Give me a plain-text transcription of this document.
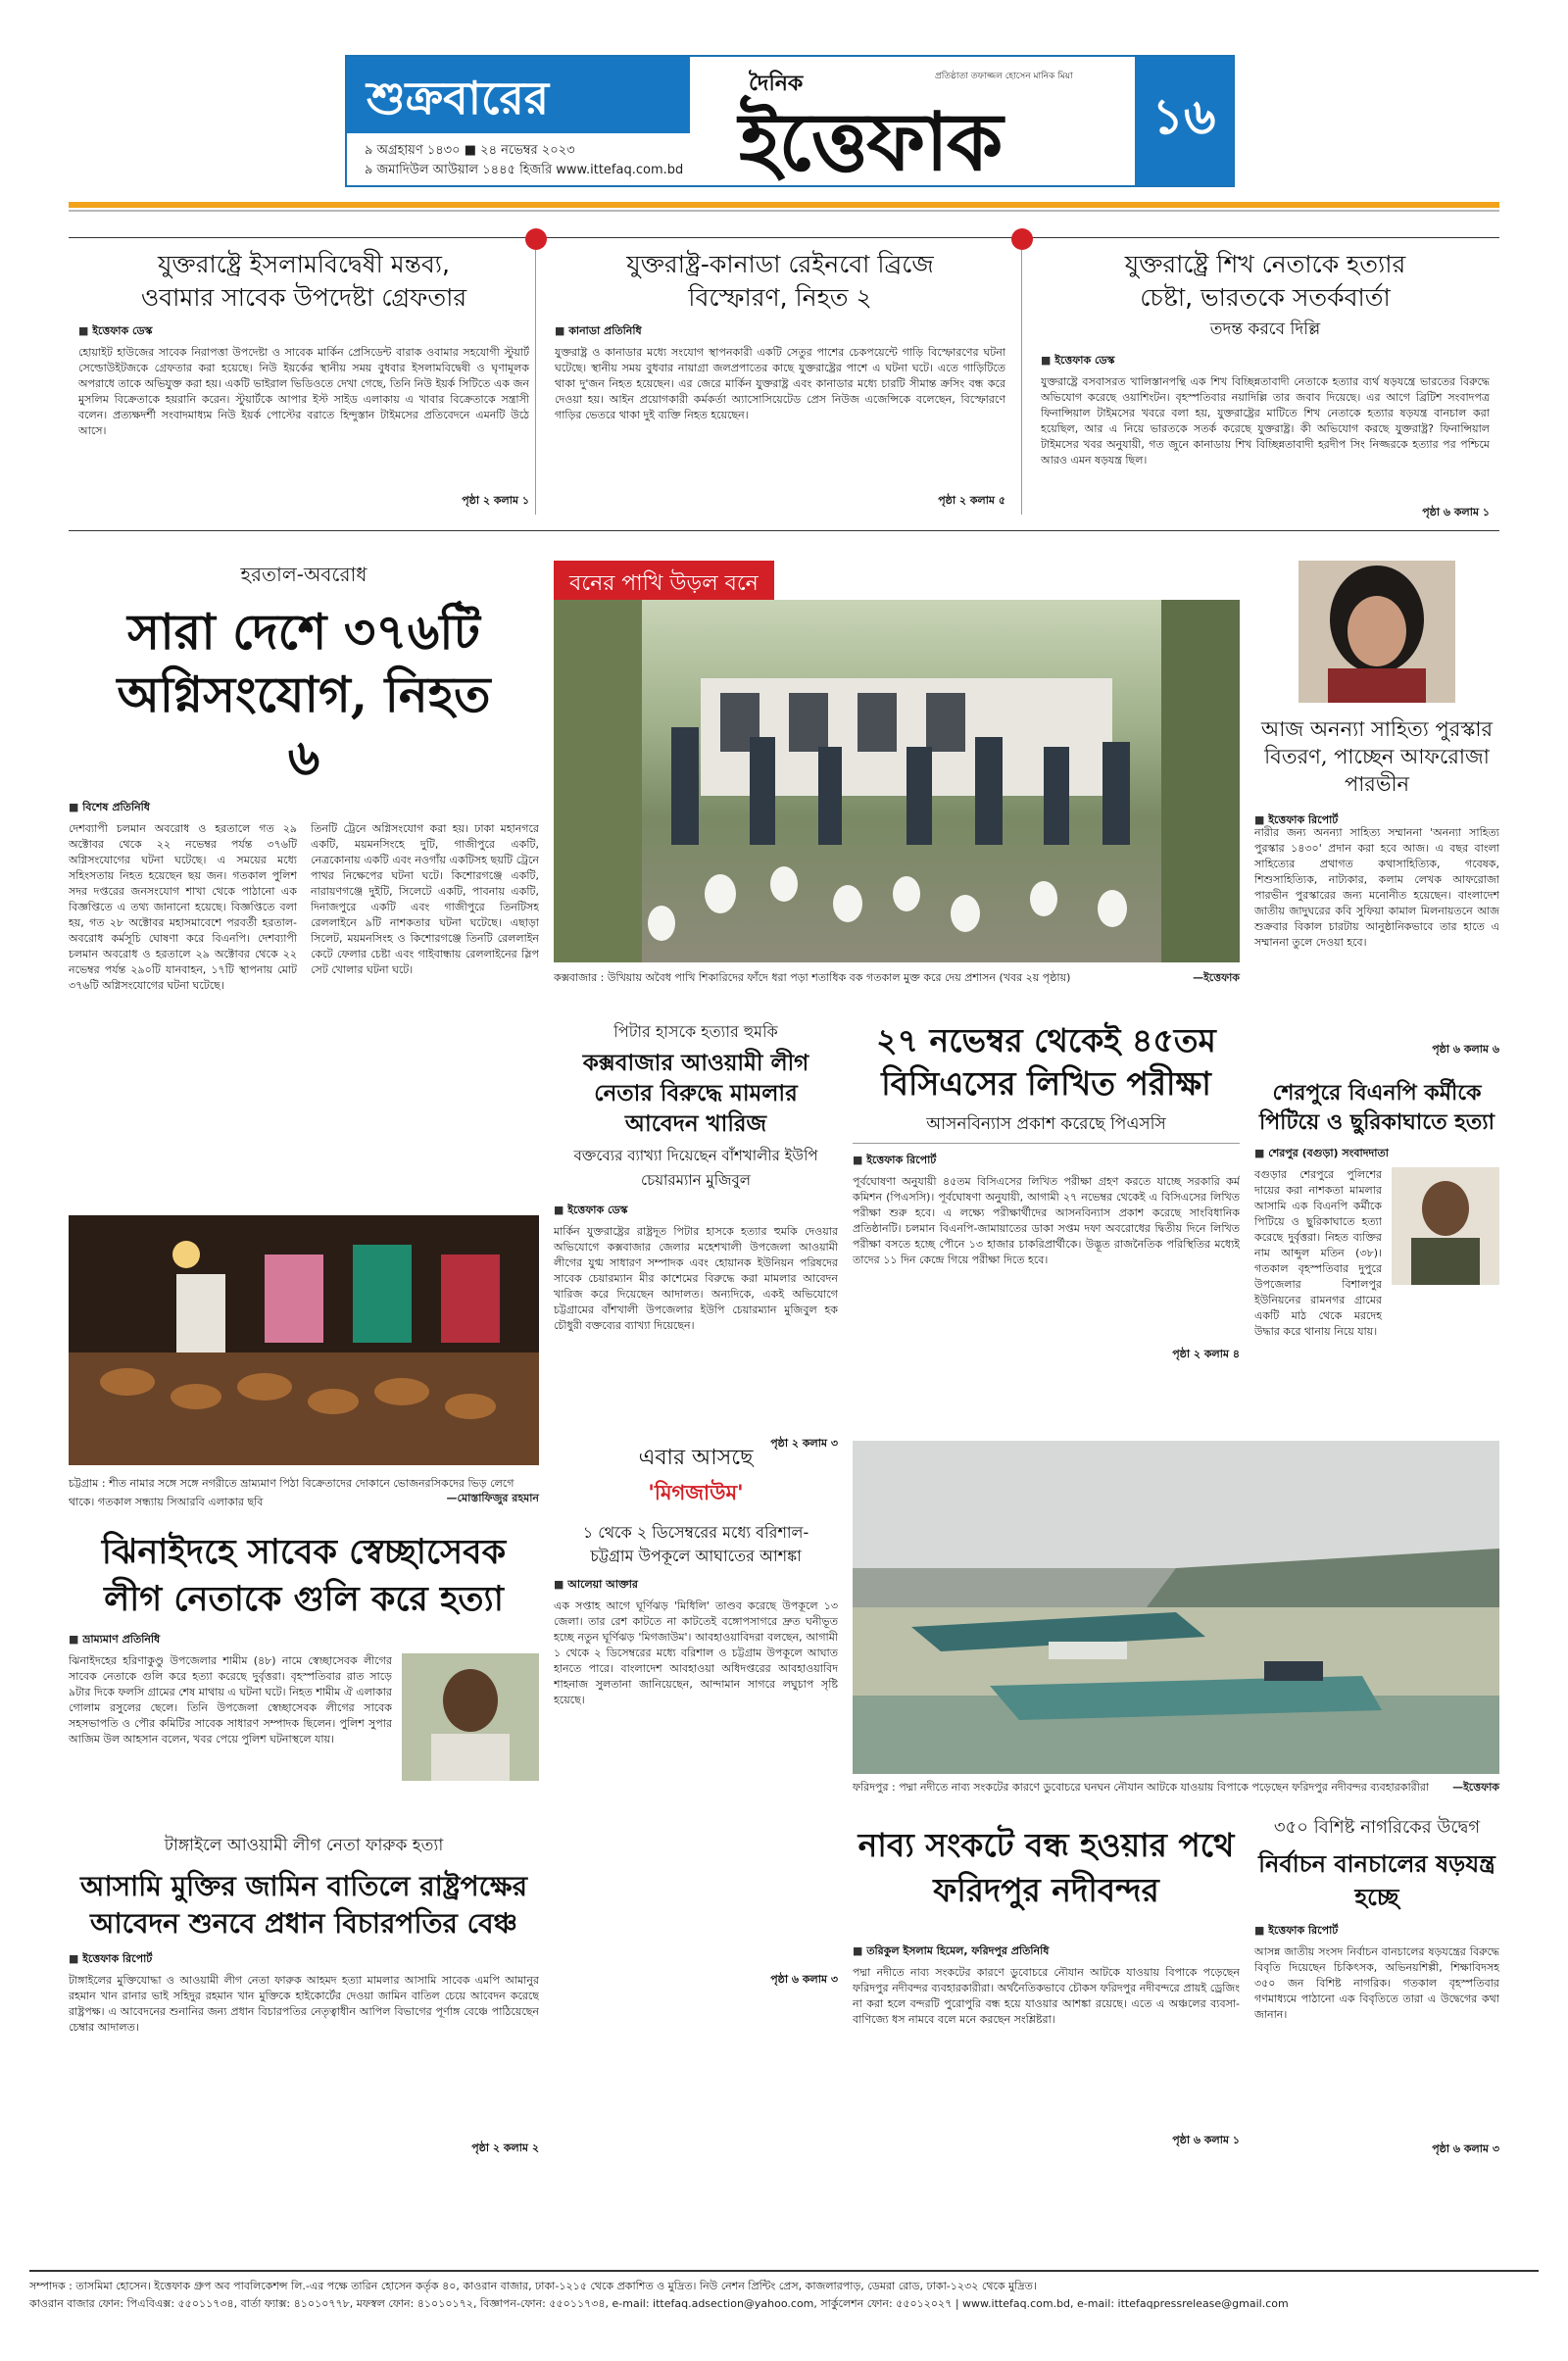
শুক্রবারের
৯ অগ্রহায়ণ ১৪৩০ ■ ২৪ নভেম্বর ২০২৩
৯ জমাদিউল আউয়াল ১৪৪৫ হিজরি www.ittefaq.com.bd
দৈনিক
ইত্তেফাক
প্রতিষ্ঠাতা তফাজ্জল হোসেন মানিক মিয়া
১৬
যুক্তরাষ্ট্রে ইসলামবিদ্বেষী মন্তব্য, ওবামার সাবেক উপদেষ্টা গ্রেফতার
■ ইত্তেফাক ডেস্ক
হোয়াইট হাউজের সাবেক নিরাপত্তা উপদেষ্টা ও সাবেক মার্কিন প্রেসিডেন্ট বারাক ওবামার সহযোগী স্টুয়ার্ট সেল্ডোউইটজকে গ্রেফতার করা হয়েছে। নিউ ইয়র্কের স্থানীয় সময় বুধবার ইসলামবিদ্বেষী ও ঘৃণামূলক অপরাধে তাকে অভিযুক্ত করা হয়। একটি ভাইরাল ভিডিওতে দেখা গেছে, তিনি নিউ ইয়র্ক সিটিতে এক জন মুসলিম বিক্রেতাকে হয়রানি করেন। স্টুয়ার্টকে আপার ইস্ট সাইড এলাকায় এ খাবার বিক্রেতাকে সন্ত্রাসী বলেন। প্রত্যক্ষদর্শী সংবাদমাধ্যম নিউ ইয়র্ক পোস্টের বরাতে হিন্দুস্তান টাইমসের প্রতিবেদনে এমনটি উঠে আসে।
পৃষ্ঠা ২ কলাম ১
যুক্তরাষ্ট্র-কানাডা রেইনবো ব্রিজে বিস্ফোরণ, নিহত ২
■ কানাডা প্রতিনিধি
যুক্তরাষ্ট্র ও কানাডার মধ্যে সংযোগ স্থাপনকারী একটি সেতুর পাশের চেকপয়েন্টে গাড়ি বিস্ফোরণের ঘটনা ঘটেছে। স্থানীয় সময় বুধবার নায়াগ্রা জলপ্রপাতের কাছে যুক্তরাষ্ট্রের পাশে এ ঘটনা ঘটে। এতে গাড়িটিতে থাকা দু'জন নিহত হয়েছেন। এর জেরে মার্কিন যুক্তরাষ্ট্র এবং কানাডার মধ্যে চারটি সীমান্ত ক্রসিং বন্ধ করে দেওয়া হয়। আইন প্রয়োগকারী কর্মকর্তা অ্যাসোসিয়েটেড প্রেস নিউজ এজেন্সিকে বলেছেন, বিস্ফোরণে গাড়ির ভেতরে থাকা দুই ব্যক্তি নিহত হয়েছেন।
পৃষ্ঠা ২ কলাম ৫
যুক্তরাষ্ট্রে শিখ নেতাকে হত্যার চেষ্টা, ভারতকে সতর্কবার্তা
তদন্ত করবে দিল্লি
■ ইত্তেফাক ডেস্ক
যুক্তরাষ্ট্রে বসবাসরত খালিস্তানপন্থি এক শিখ বিচ্ছিন্নতাবাদী নেতাকে হত্যার ব্যর্থ ষড়যন্ত্রে ভারতের বিরুদ্ধে অভিযোগ করেছে ওয়াশিংটন। বৃহস্পতিবার নয়াদিল্লি তার জবাব দিয়েছে। এর আগে ব্রিটিশ সংবাদপত্র ফিনান্সিয়াল টাইমসের খবরে বলা হয়, যুক্তরাষ্ট্রের মাটিতে শিখ নেতাকে হত্যার ষড়যন্ত্র বানচাল করা হয়েছিল, আর এ নিয়ে ভারতকে সতর্ক করেছে যুক্তরাষ্ট্র। কী অভিযোগ করছে যুক্তরাষ্ট্র? ফিনান্সিয়াল টাইমসের খবর অনুযায়ী, গত জুনে কানাডায় শিখ বিচ্ছিন্নতাবাদী হরদীপ সিং নিজ্জরকে হত্যার পর পশ্চিমে আরও এমন ষড়যন্ত্র ছিল।
পৃষ্ঠা ৬ কলাম ১
হরতাল-অবরোধ
সারা দেশে ৩৭৬টি অগ্নিসংযোগ, নিহত ৬
■ বিশেষ প্রতিনিধি
দেশব্যাপী চলমান অবরোধ ও হরতালে গত ২৯ অক্টোবর থেকে ২২ নভেম্বর পর্যন্ত ৩৭৬টি অগ্নিসংযোগের ঘটনা ঘটেছে। এ সময়ের মধ্যে সহিংসতায় নিহত হয়েছেন ছয় জন। গতকাল পুলিশ সদর দপ্তরের জনসংযোগ শাখা থেকে পাঠানো এক বিজ্ঞপ্তিতে এ তথ্য জানানো হয়েছে। বিজ্ঞপ্তিতে বলা হয়, গত ২৮ অক্টোবর মহাসমাবেশে পরবর্তী হরতাল-অবরোধ কর্মসূচি ঘোষণা করে বিএনপি। দেশব্যাপী চলমান অবরোধ ও হরতালে ২৯ অক্টোবর থেকে ২২ নভেম্বর পর্যন্ত ২৯০টি যানবাহন, ১৭টি স্থাপনায় মোট ৩৭৬টি অগ্নিসংযোগের ঘটনা ঘটেছে।
তিনটি ট্রেনে অগ্নিসংযোগ করা হয়। ঢাকা মহানগরে একটি, ময়মনসিংহে দুটি, গাজীপুরে একটি, নেত্রকোনায় একটি এবং নওগাঁয় একটিসহ ছয়টি ট্রেনে পাথর নিক্ষেপের ঘটনা ঘটে। কিশোরগঞ্জে একটি, নারায়ণগঞ্জে দুইটি, সিলেটে একটি, পাবনায় একটি, দিনাজপুরে একটি এবং গাজীপুরে তিনটিসহ রেললাইনে ৯টি নাশকতার ঘটনা ঘটেছে। এছাড়া সিলেট, ময়মনসিংহ ও কিশোরগঞ্জে তিনটি রেললাইন কেটে ফেলার চেষ্টা এবং গাইবান্ধায় রেললাইনের স্লিপ সেট খোলার ঘটনা ঘটে।
বনের পাখি উড়ল বনে
কক্সবাজার : উখিয়ায় অবৈধ পাখি শিকারিদের ফাঁদে ধরা পড়া শতাধিক বক গতকাল মুক্ত করে দেয় প্রশাসন (খবর ২য় পৃষ্ঠায়)	—ইত্তেফাক
আজ অনন্যা সাহিত্য পুরস্কার বিতরণ, পাচ্ছেন আফরোজা পারভীন
■ ইত্তেফাক রিপোর্ট
নারীর জন্য অনন্যা সাহিত্য সম্মাননা 'অনন্যা সাহিত্য পুরস্কার ১৪৩০' প্রদান করা হবে আজ। এ বছর বাংলা সাহিত্যের প্রথাগত কথাসাহিত্যিক, গবেষক, শিশুসাহিত্যিক, নাট্যকার, কলাম লেখক আফরোজা পারভীন পুরস্কারের জন্য মনোনীত হয়েছেন। বাংলাদেশ জাতীয় জাদুঘরের কবি সুফিয়া কামাল মিলনায়তনে আজ শুক্রবার বিকাল চারটায় আনুষ্ঠানিকভাবে তার হাতে এ সম্মাননা তুলে দেওয়া হবে।
পৃষ্ঠা ৬ কলাম ৬
২৭ নভেম্বর থেকেই ৪৫তম বিসিএসের লিখিত পরীক্ষা
আসনবিন্যাস প্রকাশ করেছে পিএসসি
■ ইত্তেফাক রিপোর্ট
পূর্বঘোষণা অনুযায়ী ৪৫তম বিসিএসের লিখিত পরীক্ষা গ্রহণ করতে যাচ্ছে সরকারি কর্ম কমিশন (পিএসসি)। পূর্বঘোষণা অনুযায়ী, আগামী ২৭ নভেম্বর থেকেই এ বিসিএসের লিখিত পরীক্ষা শুরু হবে। এ লক্ষ্যে পরীক্ষার্থীদের আসনবিন্যাস প্রকাশ করেছে সাংবিধানিক প্রতিষ্ঠানটি। চলমান বিএনপি-জামায়াতের ডাকা সপ্তম দফা অবরোধের দ্বিতীয় দিনে লিখিত পরীক্ষা বসতে হচ্ছে পৌনে ১৩ হাজার চাকরিপ্রার্থীকে। উদ্ভূত রাজনৈতিক পরিস্থিতির মধ্যেই তাদের ১১ দিন কেন্দ্রে গিয়ে পরীক্ষা দিতে হবে।
পৃষ্ঠা ২ কলাম ৪
পিটার হাসকে হত্যার হুমকি
কক্সবাজার আওয়ামী লীগ নেতার বিরুদ্ধে মামলার আবেদন খারিজ
বক্তব্যের ব্যাখ্যা দিয়েছেন বাঁশখালীর ইউপি চেয়ারম্যান মুজিবুল
■ ইত্তেফাক ডেস্ক
মার্কিন যুক্তরাষ্ট্রের রাষ্ট্রদূত পিটার হাসকে হত্যার হুমকি দেওয়ার অভিযোগে কক্সবাজার জেলার মহেশখালী উপজেলা আওয়ামী লীগের যুগ্ম সাধারণ সম্পাদক এবং হোয়ানক ইউনিয়ন পরিষদের সাবেক চেয়ারম্যান মীর কাশেমের বিরুদ্ধে করা মামলার আবেদন খারিজ করে দিয়েছেন আদালত। অন্যদিকে, একই অভিযোগে চট্টগ্রামের বাঁশখালী উপজেলার ইউপি চেয়ারম্যান মুজিবুল হক চৌধুরী বক্তব্যের ব্যাখ্যা দিয়েছেন।
পৃষ্ঠা ২ কলাম ৩
শেরপুরে বিএনপি কর্মীকে পিটিয়ে ও ছুরিকাঘাতে হত্যা
■ শেরপুর (বগুড়া) সংবাদদাতা
বগুড়ার শেরপুরে পুলিশের দায়ের করা নাশকতা মামলার আসামি এক বিএনপি কর্মীকে পিটিয়ে ও ছুরিকাঘাতে হত্যা করেছে দুর্বৃত্তরা। নিহত ব্যক্তির নাম আব্দুল মতিন (৩৮)। গতকাল বৃহস্পতিবার দুপুরে উপজেলার বিশালপুর ইউনিয়নের রামনগর গ্রামের একটি মাঠ থেকে মরদেহ উদ্ধার করে থানায় নিয়ে যায়।
চট্টগ্রাম : শীত নামার সঙ্গে সঙ্গে নগরীতে ভ্রাম্যমাণ পিঠা বিক্রেতাদের দোকানে ভোজনরসিকদের ভিড় লেগে থাকে। গতকাল সন্ধ্যায় সিআরবি এলাকার ছবি	—মোস্তাফিজুর রহমান
এবার আসছে
'মিগজাউম'
১ থেকে ২ ডিসেম্বরের মধ্যে বরিশাল-চট্টগ্রাম উপকূলে আঘাতের আশঙ্কা
■ আলেয়া আক্তার
এক সপ্তাহ আগে ঘূর্ণিঝড় 'মিধিলি' তাণ্ডব করেছে উপকূলে ১৩ জেলা। তার রেশ কাটতে না কাটতেই বঙ্গোপসাগরে দ্রুত ঘনীভূত হচ্ছে নতুন ঘূর্ণিঝড় 'মিগজাউম'। আবহাওয়াবিদরা বলছেন, আগামী ১ থেকে ২ ডিসেম্বরের মধ্যে বরিশাল ও চট্টগ্রাম উপকূলে আঘাত হানতে পারে। বাংলাদেশ আবহাওয়া অধিদপ্তরের আবহাওয়াবিদ শাহনাজ সুলতানা জানিয়েছেন, আন্দামান সাগরে লঘুচাপ সৃষ্টি হয়েছে।
পৃষ্ঠা ৬ কলাম ৩
ফরিদপুর : পদ্মা নদীতে নাব্য সংকটের কারণে ডুবোচরে ঘনঘন নৌযান আটকে যাওয়ায় বিপাকে পড়েছেন ফরিদপুর নদীবন্দর ব্যবহারকারীরা —ইত্তেফাক
ঝিনাইদহে সাবেক স্বেচ্ছাসেবক লীগ নেতাকে গুলি করে হত্যা
■ ভ্রাম্যমাণ প্রতিনিধি
ঝিনাইদহের হরিণাকুণ্ডু উপজেলার শামীম (৪৮) নামে স্বেচ্ছাসেবক লীগের সাবেক নেতাকে গুলি করে হত্যা করেছে দুর্বৃত্তরা। বৃহস্পতিবার রাত সাড়ে ৯টার দিকে ফলসি গ্রামের শেষ মাথায় এ ঘটনা ঘটে। নিহত শামীম ঐ এলাকার গোলাম রসুলের ছেলে। তিনি উপজেলা স্বেচ্ছাসেবক লীগের সাবেক সহসভাপতি ও পৌর কমিটির সাবেক সাধারণ সম্পাদক ছিলেন। পুলিশ সুপার আজিম উল আহসান বলেন, খবর পেয়ে পুলিশ ঘটনাস্থলে যায়।
টাঙ্গাইলে আওয়ামী লীগ নেতা ফারুক হত্যা
আসামি মুক্তির জামিন বাতিলে রাষ্ট্রপক্ষের আবেদন শুনবে প্রধান বিচারপতির বেঞ্চ
■ ইত্তেফাক রিপোর্ট
টাঙ্গাইলের মুক্তিযোদ্ধা ও আওয়ামী লীগ নেতা ফারুক আহমদ হত্যা মামলার আসামি সাবেক এমপি আমানুর রহমান খান রানার ভাই সহিদুর রহমান খান মুক্তিকে হাইকোর্টের দেওয়া জামিন বাতিল চেয়ে আবেদন করেছে রাষ্ট্রপক্ষ। এ আবেদনের শুনানির জন্য প্রধান বিচারপতির নেতৃত্বাধীন আপিল বিভাগের পূর্ণাঙ্গ বেঞ্চে পাঠিয়েছেন চেম্বার আদালত।
পৃষ্ঠা ২ কলাম ২
নাব্য সংকটে বন্ধ হওয়ার পথে ফরিদপুর নদীবন্দর
■ তরিকুল ইসলাম হিমেল, ফরিদপুর প্রতিনিধি
পদ্মা নদীতে নাব্য সংকটের কারণে ডুবোচরে নৌযান আটকে যাওয়ায় বিপাকে পড়েছেন ফরিদপুর নদীবন্দর ব্যবহারকারীরা। অর্থনৈতিকভাবে চৌকস ফরিদপুর নদীবন্দরে প্রায়ই ড্রেজিং না করা হলে বন্দরটি পুরোপুরি বন্ধ হয়ে যাওয়ার আশঙ্কা রয়েছে। এতে এ অঞ্চলের ব্যবসা-বাণিজ্যে ধস নামবে বলে মনে করছেন সংশ্লিষ্টরা।
পৃষ্ঠা ৬ কলাম ১
৩৫০ বিশিষ্ট নাগরিকের উদ্বেগ
নির্বাচন বানচালের ষড়যন্ত্র হচ্ছে
■ ইত্তেফাক রিপোর্ট
আসন্ন জাতীয় সংসদ নির্বাচন বানচালের ষড়যন্ত্রের বিরুদ্ধে বিবৃতি দিয়েছেন চিকিৎসক, অভিনয়শিল্পী, শিক্ষাবিদসহ ৩৫০ জন বিশিষ্ট নাগরিক। গতকাল বৃহস্পতিবার গণমাধ্যমে পাঠানো এক বিবৃতিতে তারা এ উদ্বেগের কথা জানান।
পৃষ্ঠা ৬ কলাম ৩
সম্পাদক : তাসমিমা হোসেন। ইত্তেফাক গ্রুপ অব পাবলিকেশন্স লি.-এর পক্ষে তারিন হোসেন কর্তৃক ৪০, কাওরান বাজার, ঢাকা-১২১৫ থেকে প্রকাশিত ও মুদ্রিত। নিউ নেশন প্রিন্টিং প্রেস, কাজলারপাড়, ডেমরা রোড, ঢাকা-১২৩২ থেকে মুদ্রিত।
কাওরান বাজার ফোন: পিএবিএক্স: ৫৫০১১৭৩৪, বার্তা ফ্যাক্স: ৪১০১০৭৭৮, মফস্বল ফোন: ৪১০১০১৭২, বিজ্ঞাপন-ফোন: ৫৫০১১৭৩৪, e-mail: ittefaq.adsection@yahoo.com, সার্কুলেশন ফোন: ৫৫০১২০২৭ | www.ittefaq.com.bd, e-mail: ittefaqpressrelease@gmail.com
